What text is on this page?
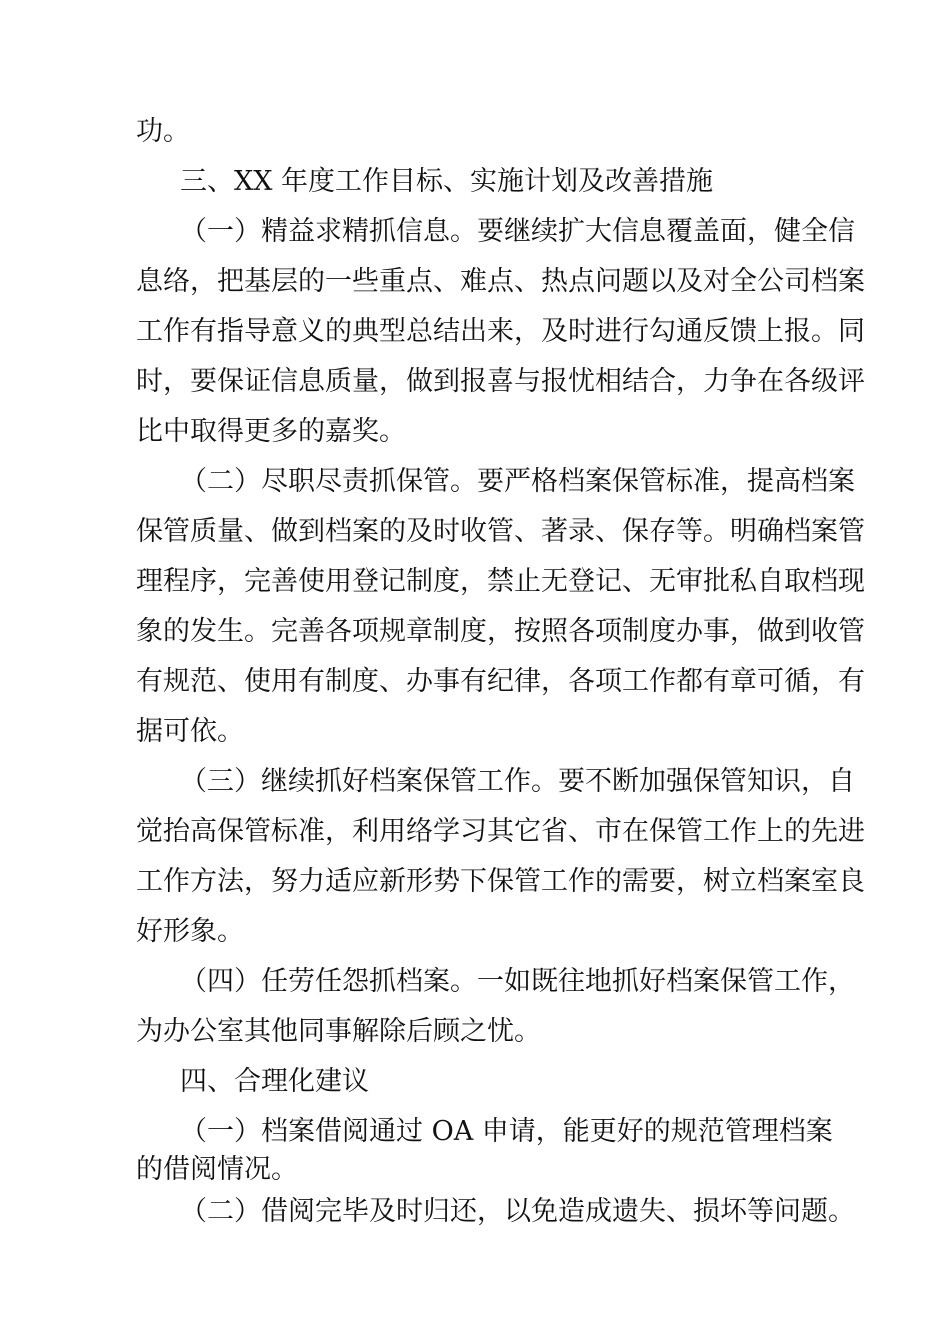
功。
三、XX 年度工作目标、实施计划及改善措施
（一）精益求精抓信息。要继续扩大信息覆盖面，健全信
息络，把基层的一些重点、难点、热点问题以及对全公司档案
工作有指导意义的典型总结出来，及时进行勾通反馈上报。同
时，要保证信息质量，做到报喜与报忧相结合，力争在各级评
比中取得更多的嘉奖。
（二）尽职尽责抓保管。要严格档案保管标准，提高档案
保管质量、做到档案的及时收管、著录、保存等。明确档案管
理程序，完善使用登记制度，禁止无登记、无审批私自取档现
象的发生。完善各项规章制度，按照各项制度办事，做到收管
有规范、使用有制度、办事有纪律，各项工作都有章可循，有
据可依。
（三）继续抓好档案保管工作。要不断加强保管知识，自
觉抬高保管标准，利用络学习其它省、市在保管工作上的先进
工作方法，努力适应新形势下保管工作的需要，树立档案室良
好形象。
（四）任劳任怨抓档案。一如既往地抓好档案保管工作，
为办公室其他同事解除后顾之忧。
四、合理化建议
（一）档案借阅通过 OA 申请，能更好的规范管理档案
的借阅情况。
（二）借阅完毕及时归还，以免造成遗失、损坏等问题。
